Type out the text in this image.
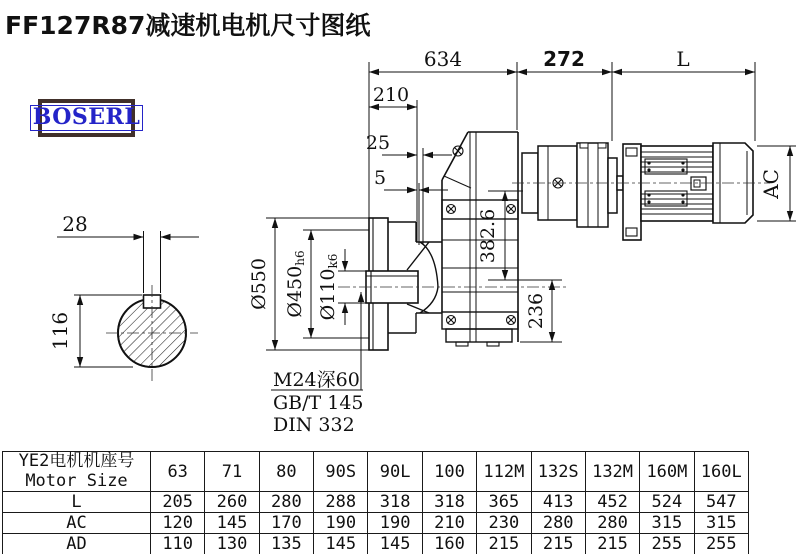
28
116
634	272	L
210
25
5
Ø550 Ø450h6
Ø110k6	382.6
236
AC
M24深60
GB/T 145
DIN 332
FF127R87减速机电机尺寸图纸
BOSERL
YE2电机机座号
Motor Size	63	71	80	90S	90L	100	112M	132S	132M	160M	160L
L	205	260	280	288	318	318	365	413	452	524	547
AC	120	145	170	190	190	210	230	280	280	315	315
AD	110	130	135	145	145	160	215	215	215	255	255
